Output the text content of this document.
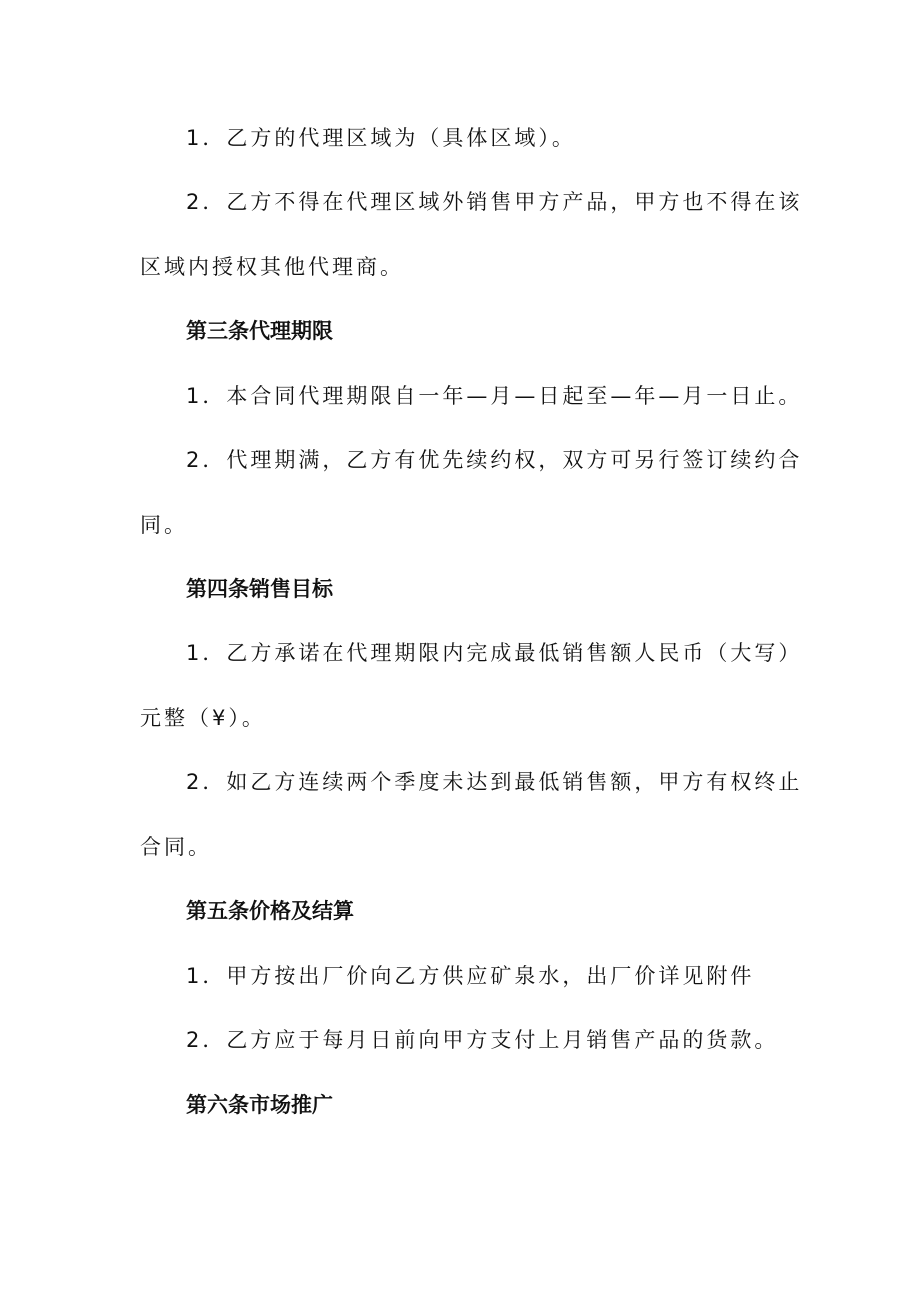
1．乙方的代理区域为（具体区域）。
2．乙方不得在代理区域外销售甲方产品，甲方也不得在该
区域内授权其他代理商。
第三条代理期限
1．本合同代理期限自一年—月—日起至—年—月一日止。
2．代理期满，乙方有优先续约权，双方可另行签订续约合
同。
第四条销售目标
1．乙方承诺在代理期限内完成最低销售额人民币（大写）
元整（¥）。
2．如乙方连续两个季度未达到最低销售额，甲方有权终止
合同。
第五条价格及结算
1．甲方按出厂价向乙方供应矿泉水，出厂价详见附件
2．乙方应于每月日前向甲方支付上月销售产品的货款。
第六条市场推广
